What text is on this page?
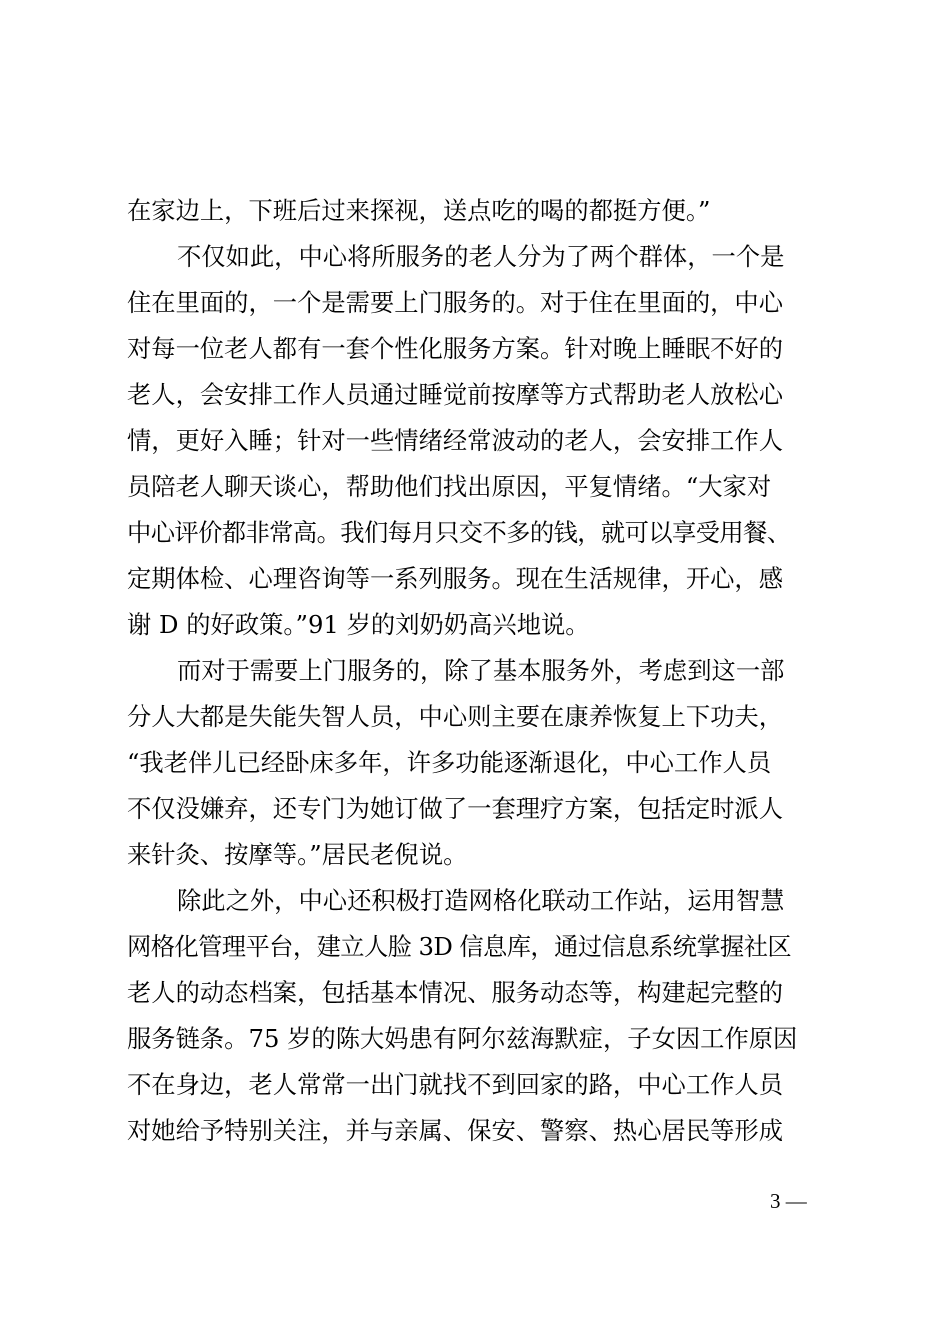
在家边上，下班后过来探视，送点吃的喝的都挺方便。”
不仅如此，中心将所服务的老人分为了两个群体，一个是
住在里面的，一个是需要上门服务的。对于住在里面的，中心
对每一位老人都有一套个性化服务方案。针对晚上睡眠不好的
老人，会安排工作人员通过睡觉前按摩等方式帮助老人放松心
情，更好入睡；针对一些情绪经常波动的老人，会安排工作人
员陪老人聊天谈心，帮助他们找出原因，平复情绪。“大家对
中心评价都非常高。我们每月只交不多的钱，就可以享受用餐、
定期体检、心理咨询等一系列服务。现在生活规律，开心，感
谢 D 的好政策。”91 岁的刘奶奶高兴地说。
而对于需要上门服务的，除了基本服务外，考虑到这一部
分人大都是失能失智人员，中心则主要在康养恢复上下功夫，
“我老伴儿已经卧床多年，许多功能逐渐退化，中心工作人员
不仅没嫌弃，还专门为她订做了一套理疗方案，包括定时派人
来针灸、按摩等。”居民老倪说。
除此之外，中心还积极打造网格化联动工作站，运用智慧
网格化管理平台，建立人脸 3D 信息库，通过信息系统掌握社区
老人的动态档案，包括基本情况、服务动态等，构建起完整的
服务链条。75 岁的陈大妈患有阿尔兹海默症，子女因工作原因
不在身边，老人常常一出门就找不到回家的路，中心工作人员
对她给予特别关注，并与亲属、保安、警察、热心居民等形成
3 —
